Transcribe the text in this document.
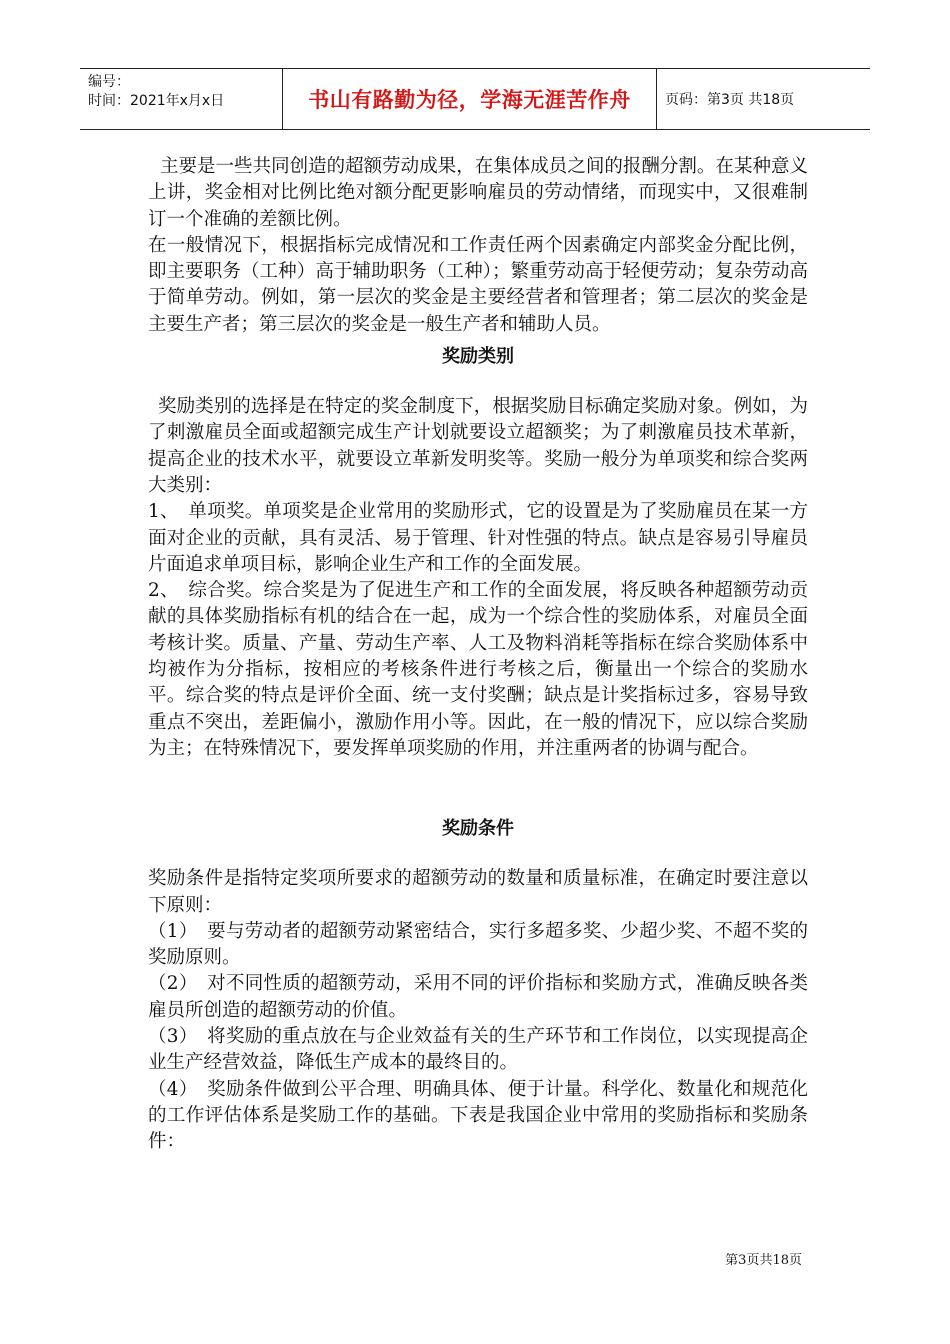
编号：
时间：2021年x月x日	书山有路勤为径，学海无涯苦作舟	页码：第3页 共18页

主要是一些共同创造的超额劳动成果，在集体成员之间的报酬分割。在某种意义上讲，奖金相对比例比绝对额分配更影响雇员的劳动情绪，而现实中，又很难制订一个准确的差额比例。

在一般情况下，根据指标完成情况和工作责任两个因素确定内部奖金分配比例，即主要职务（工种）高于辅助职务（工种）；繁重劳动高于轻便劳动；复杂劳动高于简单劳动。例如，第一层次的奖金是主要经营者和管理者；第二层次的奖金是主要生产者；第三层次的奖金是一般生产者和辅助人员。

奖励类别

奖励类别的选择是在特定的奖金制度下，根据奖励目标确定奖励对象。例如，为了刺激雇员全面或超额完成生产计划就要设立超额奖；为了刺激雇员技术革新，提高企业的技术水平，就要设立革新发明奖等。奖励一般分为单项奖和综合奖两大类别：

1、　单项奖。单项奖是企业常用的奖励形式，它的设置是为了奖励雇员在某一方面对企业的贡献，具有灵活、易于管理、针对性强的特点。缺点是容易引导雇员片面追求单项目标，影响企业生产和工作的全面发展。

2、　综合奖。综合奖是为了促进生产和工作的全面发展，将反映各种超额劳动贡献的具体奖励指标有机的结合在一起，成为一个综合性的奖励体系，对雇员全面考核计奖。质量、产量、劳动生产率、人工及物料消耗等指标在综合奖励体系中均被作为分指标，按相应的考核条件进行考核之后，衡量出一个综合的奖励水平。综合奖的特点是评价全面、统一支付奖酬；缺点是计奖指标过多，容易导致重点不突出，差距偏小，激励作用小等。因此，在一般的情况下，应以综合奖励为主；在特殊情况下，要发挥单项奖励的作用，并注重两者的协调与配合。

奖励条件

奖励条件是指特定奖项所要求的超额劳动的数量和质量标准，在确定时要注意以下原则：

（1）　要与劳动者的超额劳动紧密结合，实行多超多奖、少超少奖、不超不奖的奖励原则。

（2）　对不同性质的超额劳动，采用不同的评价指标和奖励方式，准确反映各类雇员所创造的超额劳动的价值。

（3）　将奖励的重点放在与企业效益有关的生产环节和工作岗位，以实现提高企业生产经营效益，降低生产成本的最终目的。

（4）　奖励条件做到公平合理、明确具体、便于计量。科学化、数量化和规范化的工作评估体系是奖励工作的基础。下表是我国企业中常用的奖励指标和奖励条件：

第3页共18页
